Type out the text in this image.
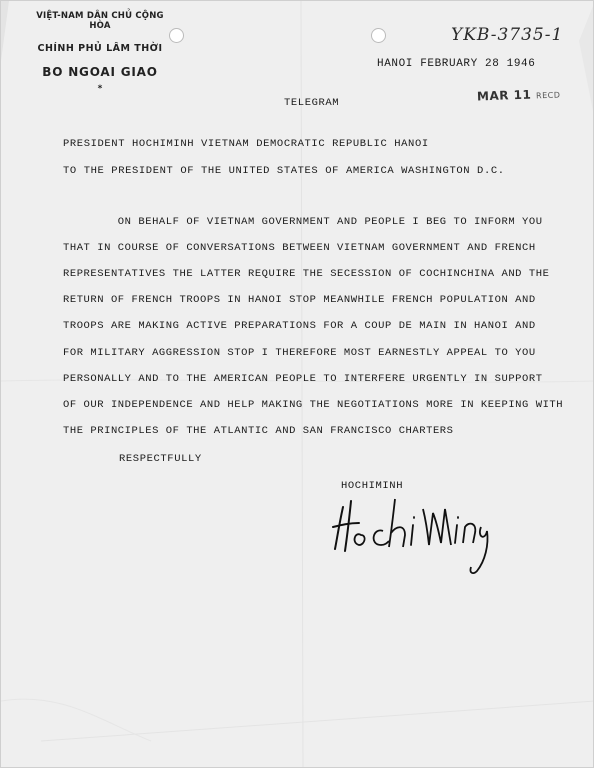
VIỆT-NAM DÂN CHỦ CỘNG HÒA
CHÍNH PHỦ LÂM THỜI
BO NGOAI GIAO
*
YKB-3735-1
HANOI FEBRUARY 28 1946
MAR 11 RECD
TELEGRAM
PRESIDENT HOCHIMINH VIETNAM DEMOCRATIC REPUBLIC HANOI
TO THE PRESIDENT OF THE UNITED STATES OF AMERICA WASHINGTON D.C.
ON BEHALF OF VIETNAM GOVERNMENT AND PEOPLE I BEG TO INFORM YOU
THAT IN COURSE OF CONVERSATIONS BETWEEN VIETNAM GOVERNMENT AND FRENCH
REPRESENTATIVES THE LATTER REQUIRE THE SECESSION OF COCHINCHINA AND THE
RETURN OF FRENCH TROOPS IN HANOI STOP MEANWHILE FRENCH POPULATION AND
TROOPS ARE MAKING ACTIVE PREPARATIONS FOR A COUP DE MAIN IN HANOI AND
FOR MILITARY AGGRESSION STOP I THEREFORE MOST EARNESTLY APPEAL TO YOU
PERSONALLY AND TO THE AMERICAN PEOPLE TO INTERFERE URGENTLY IN SUPPORT
OF OUR INDEPENDENCE AND HELP MAKING THE NEGOTIATIONS MORE IN KEEPING WITH
THE PRINCIPLES OF THE ATLANTIC AND SAN FRANCISCO CHARTERS
RESPECTFULLY
HOCHIMINH
